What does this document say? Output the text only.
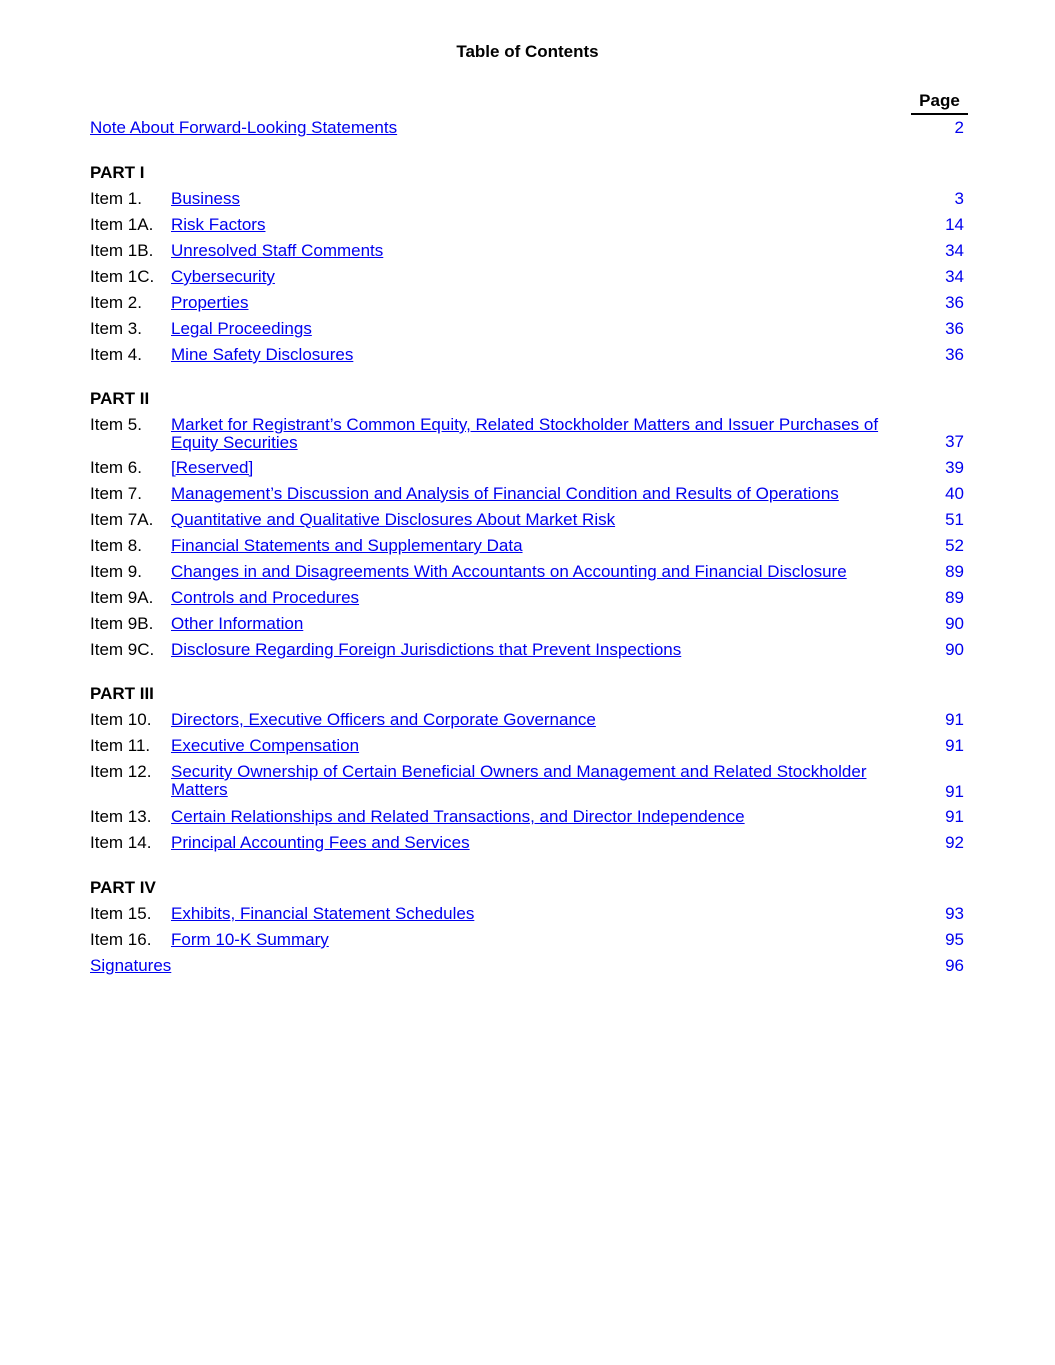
Table of Contents
Page
Note About Forward-Looking Statements	2
PART I
Item 1. Business	3
Item 1A. Risk Factors	14
Item 1B. Unresolved Staff Comments	34
Item 1C. Cybersecurity	34
Item 2. Properties	36
Item 3. Legal Proceedings	36
Item 4. Mine Safety Disclosures	36
PART II
Item 5. Market for Registrant’s Common Equity, Related Stockholder Matters and Issuer Purchases of Equity Securities	37
Item 6. [Reserved]	39
Item 7. Management’s Discussion and Analysis of Financial Condition and Results of Operations	40
Item 7A. Quantitative and Qualitative Disclosures About Market Risk	51
Item 8. Financial Statements and Supplementary Data	52
Item 9. Changes in and Disagreements With Accountants on Accounting and Financial Disclosure	89
Item 9A. Controls and Procedures	89
Item 9B. Other Information	90
Item 9C. Disclosure Regarding Foreign Jurisdictions that Prevent Inspections	90
PART III
Item 10. Directors, Executive Officers and Corporate Governance	91
Item 11. Executive Compensation	91
Item 12. Security Ownership of Certain Beneficial Owners and Management and Related Stockholder Matters	91
Item 13. Certain Relationships and Related Transactions, and Director Independence	91
Item 14. Principal Accounting Fees and Services	92
PART IV
Item 15. Exhibits, Financial Statement Schedules	93
Item 16. Form 10-K Summary	95
Signatures	96
